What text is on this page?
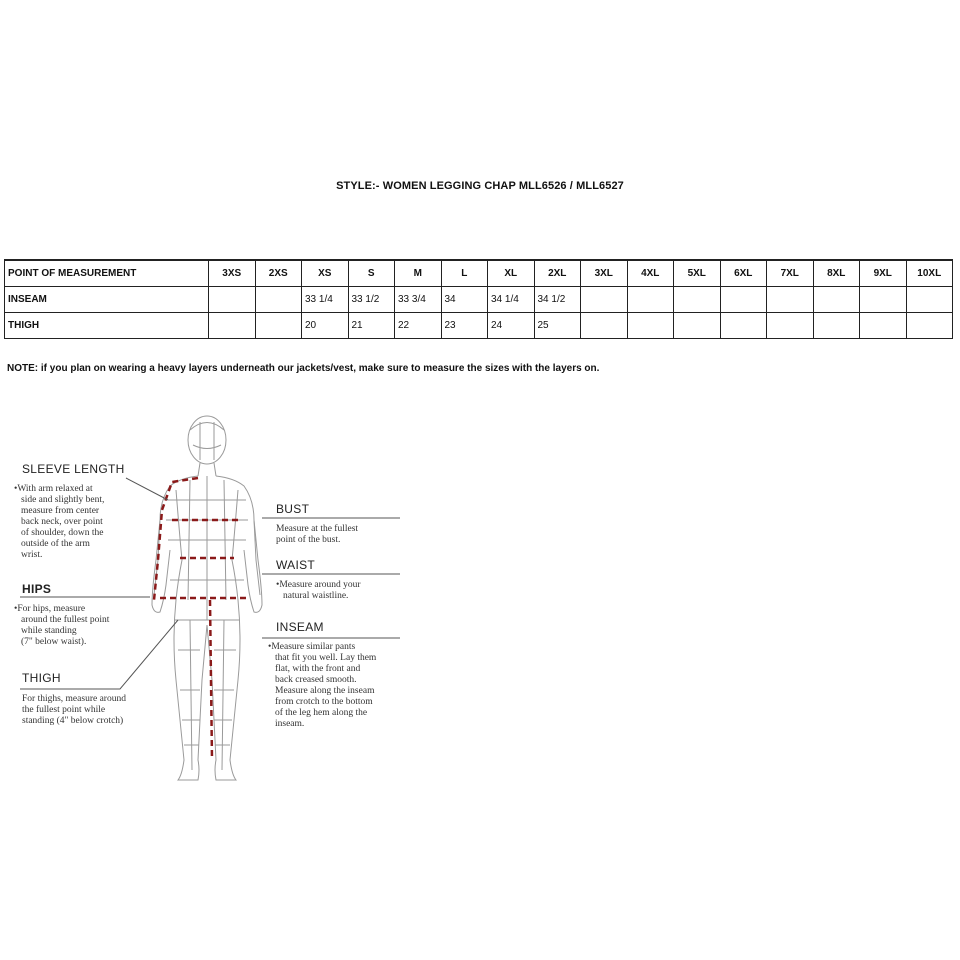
STYLE:- WOMEN LEGGING CHAP MLL6526 / MLL6527
POINT OF MEASUREMENT	3XS	2XS	XS	S	M	L	XL	2XL	3XL	4XL	5XL	6XL	7XL	8XL	9XL	10XL
INSEAM			33 1/4	33 1/2	33 3/4	34	34 1/4	34 1/2								
THIGH			20	21	22	23	24	25								
NOTE: if you plan on wearing a heavy layers underneath our jackets/vest, make sure to measure the sizes with the layers on.
SLEEVE LENGTH
• With arm relaxed at
side and slightly bent,
measure from center
back neck, over point
of shoulder, down the
outside of the arm
wrist.
HIPS
• For hips, measure
around the fullest point
while standing
(7" below waist).
THIGH
For thighs, measure around
the fullest point while
standing (4" below crotch)
BUST
Measure at the fullest
point of the bust.
WAIST
• Measure around your
natural waistline.
INSEAM
• Measure similar pants
that fit you well. Lay them
flat, with the front and
back creased smooth.
Measure along the inseam
from crotch to the bottom
of the leg hem along the
inseam.
